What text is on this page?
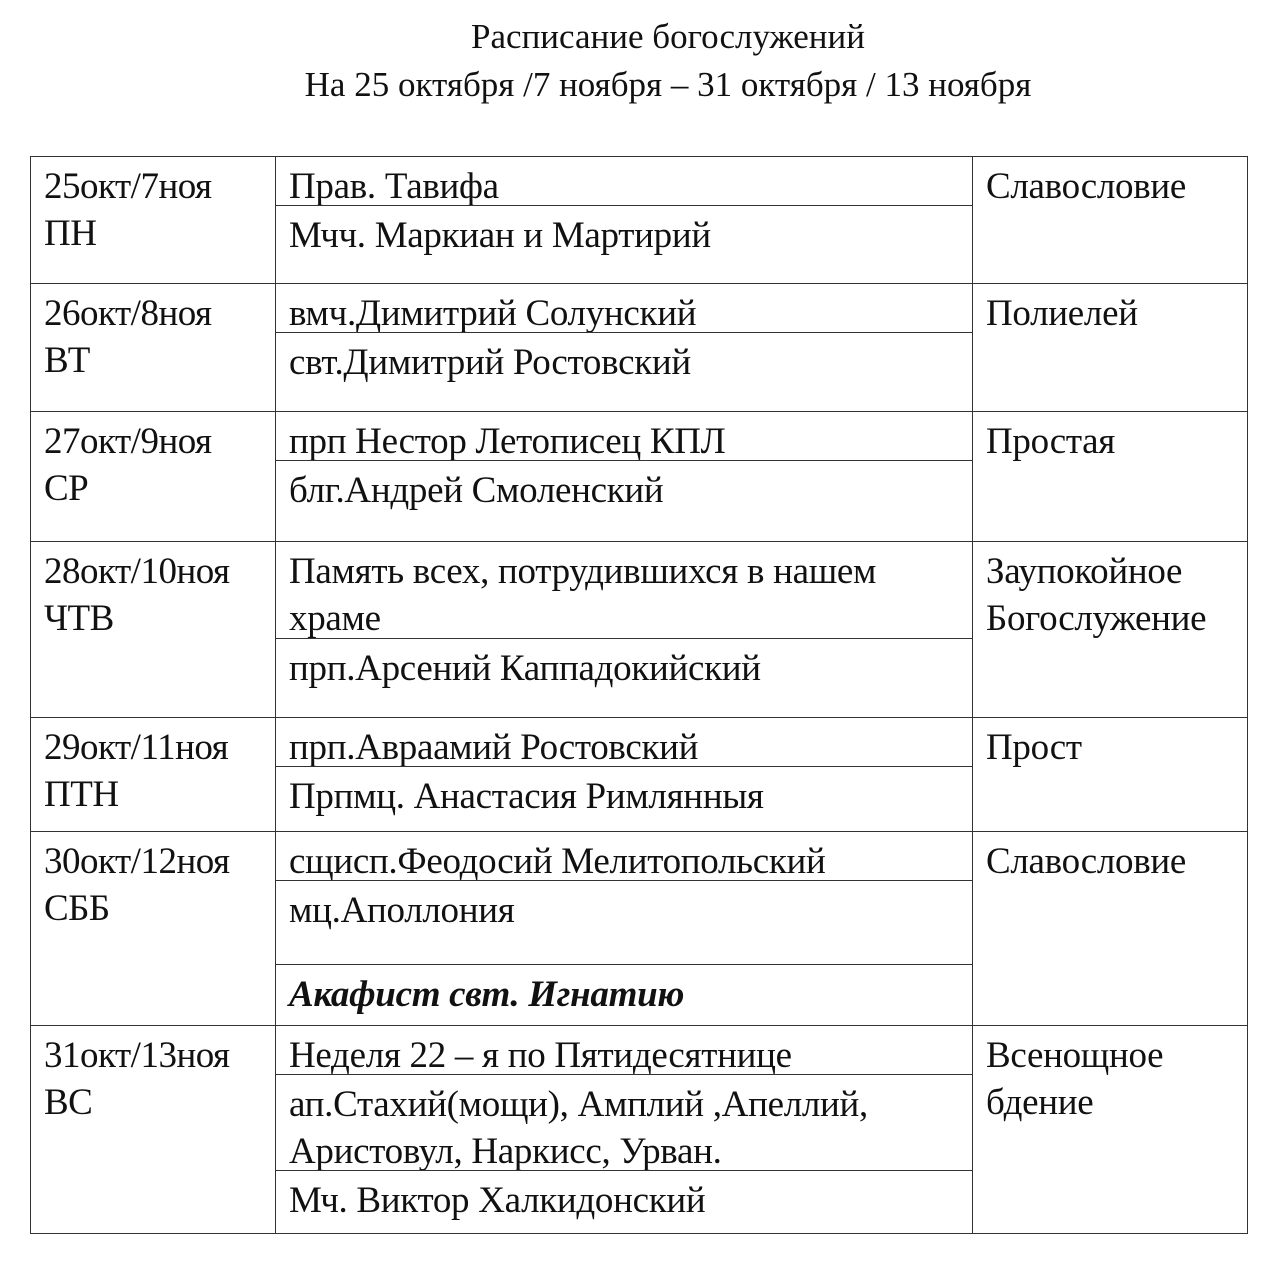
Расписание богослужений
На 25 октября /7 ноября – 31 октября / 13 ноября
25окт/7ноя
ПН
Прав. Тавифа
Мчч. Маркиан и Мартирий
Славословие
26окт/8ноя
ВТ
вмч.Димитрий Солунский
свт.Димитрий Ростовский
Полиелей
27окт/9ноя
СР
прп Нестор Летописец КПЛ
блг.Андрей Смоленский
Простая
28окт/10ноя
ЧТВ
Память всех, потрудившихся в нашем храме
прп.Арсений Каппадокийский
Заупокойное
Богослужение
29окт/11ноя
ПТН
прп.Авраамий Ростовский
Прпмц. Анастасия Римлянныя
Прост
30окт/12ноя
СББ
сщисп.Феодосий Мелитопольский
мц.Аполлония
Акафист свт. Игнатию
Славословие
31окт/13ноя
ВС
Неделя 22 – я по Пятидесятнице
ап.Стахий(мощи), Амплий ,Апеллий, Аристовул, Наркисс, Урван.
Мч. Виктор Халкидонский
Всенощное
бдение
